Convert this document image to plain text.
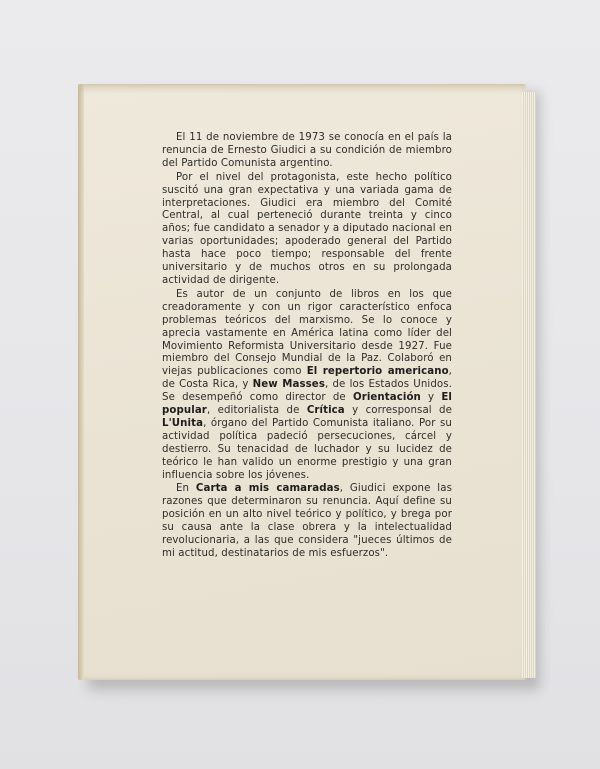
El 11 de noviembre de 1973 se conocía en el país la renuncia de Ernesto Giudici a su condición de miembro del Partido Comunista argentino.

Por el nivel del protagonista, este hecho político suscitó una gran expectativa y una variada gama de interpretaciones. Giudici era miembro del Comité Central, al cual perteneció durante treinta y cinco años; fue candidato a senador y a diputado nacional en varias oportunidades; apoderado general del Partido hasta hace poco tiempo; responsable del frente universitario y de muchos otros en su prolongada actividad de dirigente.

Es autor de un conjunto de libros en los que creadoramente y con un rigor característico enfoca problemas teóricos del marxismo. Se lo conoce y aprecia vastamente en América latina como líder del Movimiento Reformista Universitario desde 1927. Fue miembro del Consejo Mundial de la Paz. Colaboró en viejas publicaciones como El repertorio americano, de Costa Rica, y New Masses, de los Estados Unidos. Se desempeñó como director de Orientación y El popular, editorialista de Crítica y corresponsal de L'Unita, órgano del Partido Comunista italiano. Por su actividad política padeció persecuciones, cárcel y destierro. Su tenacidad de luchador y su lucidez de teórico le han valido un enorme prestigio y una gran influencia sobre los jóvenes.

En Carta a mis camaradas, Giudici expone las razones que determinaron su renuncia. Aquí define su posición en un alto nivel teórico y político, y brega por su causa ante la clase obrera y la intelectualidad revolucionaria, a las que considera "jueces últimos de mi actitud, destinatarios de mis esfuerzos".
